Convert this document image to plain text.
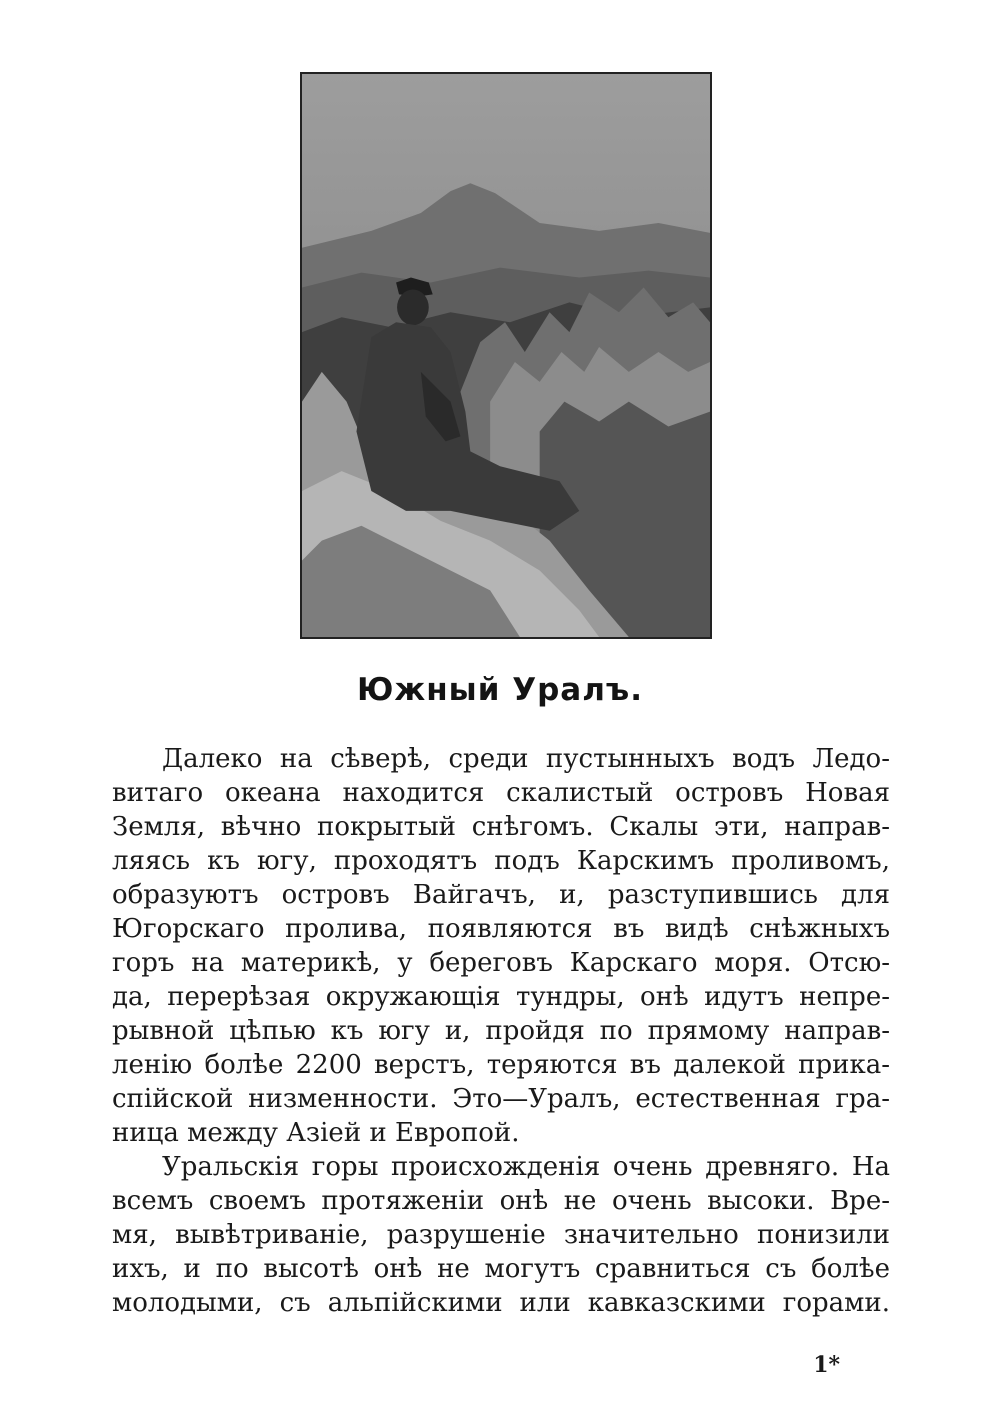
Южный Уралъ.
Далеко на сѣверѣ, среди пустынныхъ водъ Ледо-
витаго океана находится скалистый островъ Новая
Земля, вѣчно покрытый снѣгомъ. Скалы эти, направ-
ляясь къ югу, проходятъ подъ Карскимъ проливомъ,
образуютъ островъ Вайгачъ, и, разступившись для
Югорскаго пролива, появляются въ видѣ снѣжныхъ
горъ на материкѣ, у береговъ Карскаго моря. Отсю-
да, перерѣзая окружающія тундры, онѣ идутъ непре-
рывной цѣпью къ югу и, пройдя по прямому направ-
ленію болѣе 2200 верстъ, теряются въ далекой прика-
спійской низменности. Это—Уралъ, естественная гра-
ница между Азіей и Европой.
Уральскія горы происхожденія очень древняго. На
всемъ своемъ протяженіи онѣ не очень высоки. Вре-
мя, вывѣтриваніе, разрушеніе значительно понизили
ихъ, и по высотѣ онѣ не могутъ сравниться съ болѣе
молодыми, съ альпійскими или кавказскими горами.
1*
